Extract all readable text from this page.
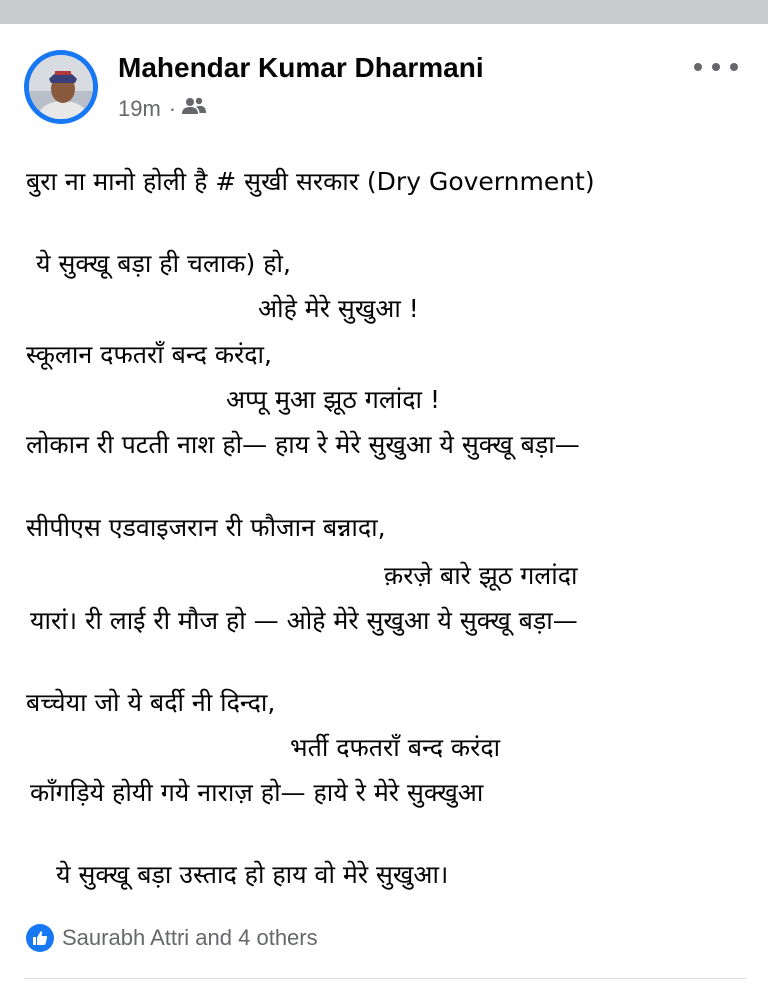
Mahendar Kumar Dharmani
19m ·
बुरा ना मानो होली है # सुखी सरकार (Dry Government)
ये सुक्खू बड़ा ही चलाक) हो,
ओहे मेरे सुखुआ !
स्कूलान दफतराँ बन्द करंदा,
अप्पू मुआ झूठ गलांदा !
लोकान री पटती नाश हो— हाय रे मेरे सुखुआ ये सुक्खू बड़ा—
सीपीएस एडवाइजरान री फौजान बन्नादा,
क़रज़े बारे झूठ गलांदा
यारां। री लाई री मौज हो — ओहे मेरे सुखुआ ये सुक्खू बड़ा—
बच्चेया जो ये बर्दी नी दिन्दा,
भर्ती दफतराँ बन्द करंदा
काँगड़िये होयी गये नाराज़ हो— हाये रे मेरे सुक्खुआ
ये सुक्खू बड़ा उस्ताद हो हाय वो मेरे सुखुआ।
Saurabh Attri and 4 others
